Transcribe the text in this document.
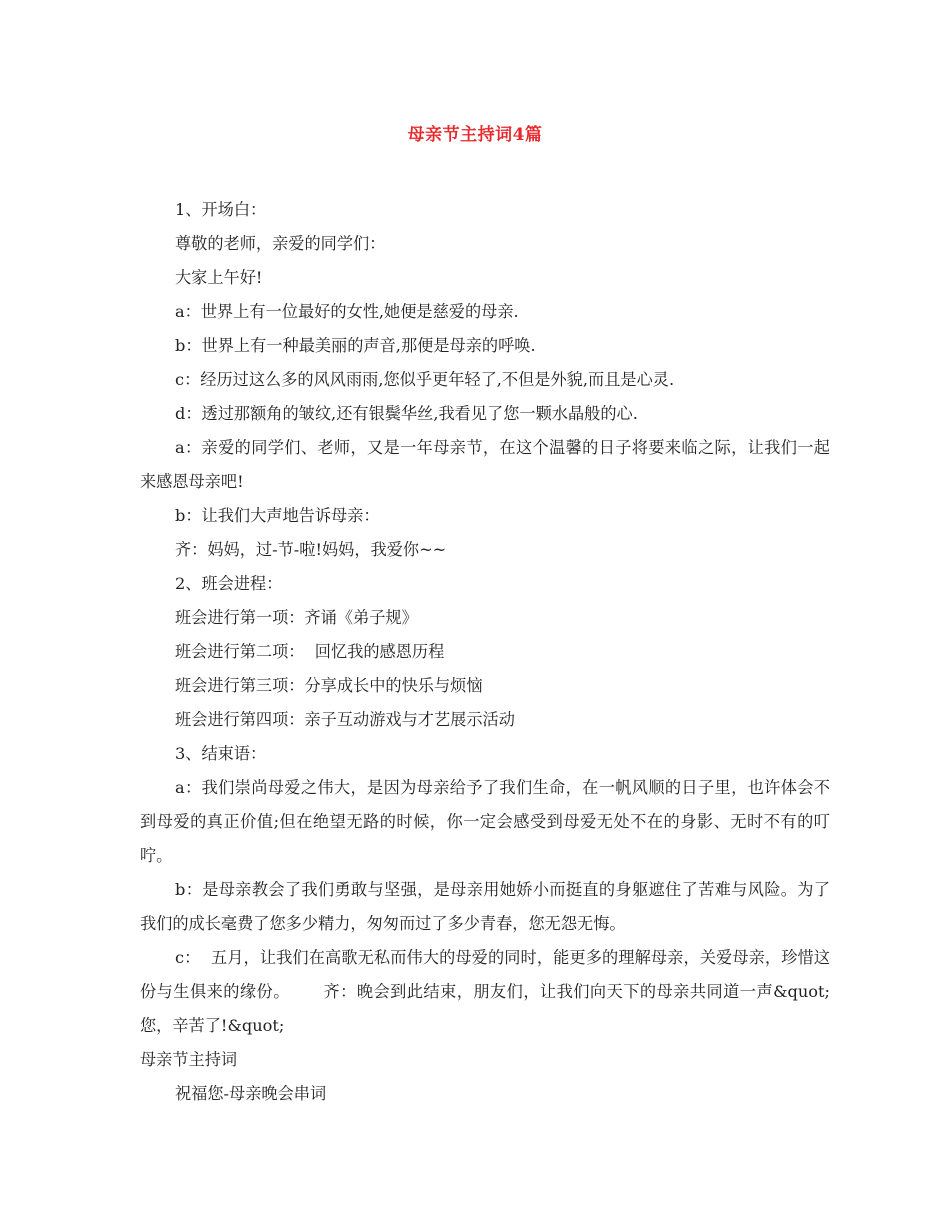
母亲节主持词4篇

1、开场白：

尊敬的老师，亲爱的同学们：

大家上午好!

a：世界上有一位最好的女性,她便是慈爱的母亲.

b：世界上有一种最美丽的声音,那便是母亲的呼唤.

c：经历过这么多的风风雨雨,您似乎更年轻了,不但是外貌,而且是心灵.

d：透过那额角的皱纹,还有银鬓华丝,我看见了您一颗水晶般的心.

a：亲爱的同学们、老师，又是一年母亲节，在这个温馨的日子将要来临之际，让我们一起来感恩母亲吧!

b：让我们大声地告诉母亲：

齐：妈妈，过-节-啦!妈妈，我爱你~~

2、班会进程：

班会进行第一项：齐诵《弟子规》

班会进行第二项：  回忆我的感恩历程

班会进行第三项：分享成长中的快乐与烦恼

班会进行第四项：亲子互动游戏与才艺展示活动

3、结束语：

a：我们崇尚母爱之伟大，是因为母亲给予了我们生命，在一帆风顺的日子里，也许体会不到母爱的真正价值;但在绝望无路的时候，你一定会感受到母爱无处不在的身影、无时不有的叮咛。

b：是母亲教会了我们勇敢与坚强，是母亲用她娇小而挺直的身躯遮住了苦难与风险。为了我们的成长毫费了您多少精力，匆匆而过了多少青春，您无怨无悔。

c：  五月，让我们在高歌无私而伟大的母爱的同时，能更多的理解母亲，关爱母亲，珍惜这份与生俱来的缘份。      齐：晚会到此结束，朋友们，让我们向天下的母亲共同道一声&quot;您，辛苦了!&quot;

母亲节主持词

祝福您-母亲晚会串词
